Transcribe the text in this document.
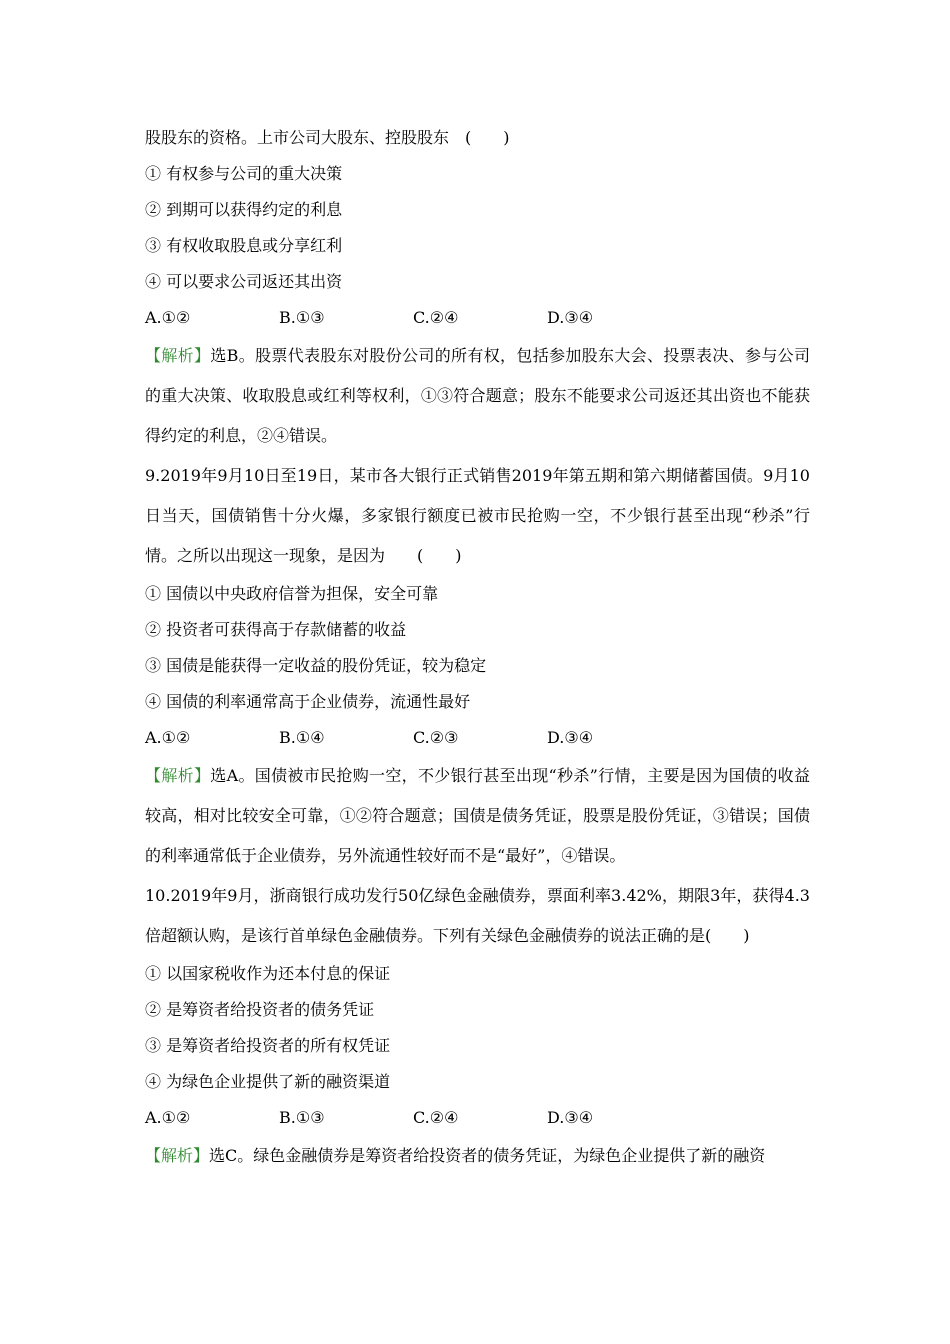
股股东的资格。上市公司大股东、控股股东　(　　)
① 有权参与公司的重大决策
② 到期可以获得约定的利息
③ 有权收取股息或分享红利
④ 可以要求公司返还其出资
A.①②	B.①③	C.②④	D.③④
【解析】选B。股票代表股东对股份公司的所有权，包括参加股东大会、投票表决、参与公司的重大决策、收取股息或红利等权利，①③符合题意；股东不能要求公司返还其出资也不能获得约定的利息，②④错误。
9.2019年9月10日至19日，某市各大银行正式销售2019年第五期和第六期储蓄国债。9月10日当天，国债销售十分火爆，多家银行额度已被市民抢购一空，不少银行甚至出现“秒杀”行情。之所以出现这一现象，是因为　　(　　)
① 国债以中央政府信誉为担保，安全可靠
② 投资者可获得高于存款储蓄的收益
③ 国债是能获得一定收益的股份凭证，较为稳定
④ 国债的利率通常高于企业债券，流通性最好
A.①②	B.①④	C.②③	D.③④
【解析】选A。国债被市民抢购一空，不少银行甚至出现“秒杀”行情，主要是因为国债的收益较高，相对比较安全可靠，①②符合题意；国债是债务凭证，股票是股份凭证，③错误；国债的利率通常低于企业债券，另外流通性较好而不是“最好”，④错误。
10.2019年9月，浙商银行成功发行50亿绿色金融债券，票面利率3.42%，期限3年，获得4.3倍超额认购，是该行首单绿色金融债券。下列有关绿色金融债券的说法正确的是(　　)
① 以国家税收作为还本付息的保证
② 是筹资者给投资者的债务凭证
③ 是筹资者给投资者的所有权凭证
④ 为绿色企业提供了新的融资渠道
A.①②	B.①③	C.②④	D.③④
【解析】选C。绿色金融债券是筹资者给投资者的债务凭证，为绿色企业提供了新的融资
